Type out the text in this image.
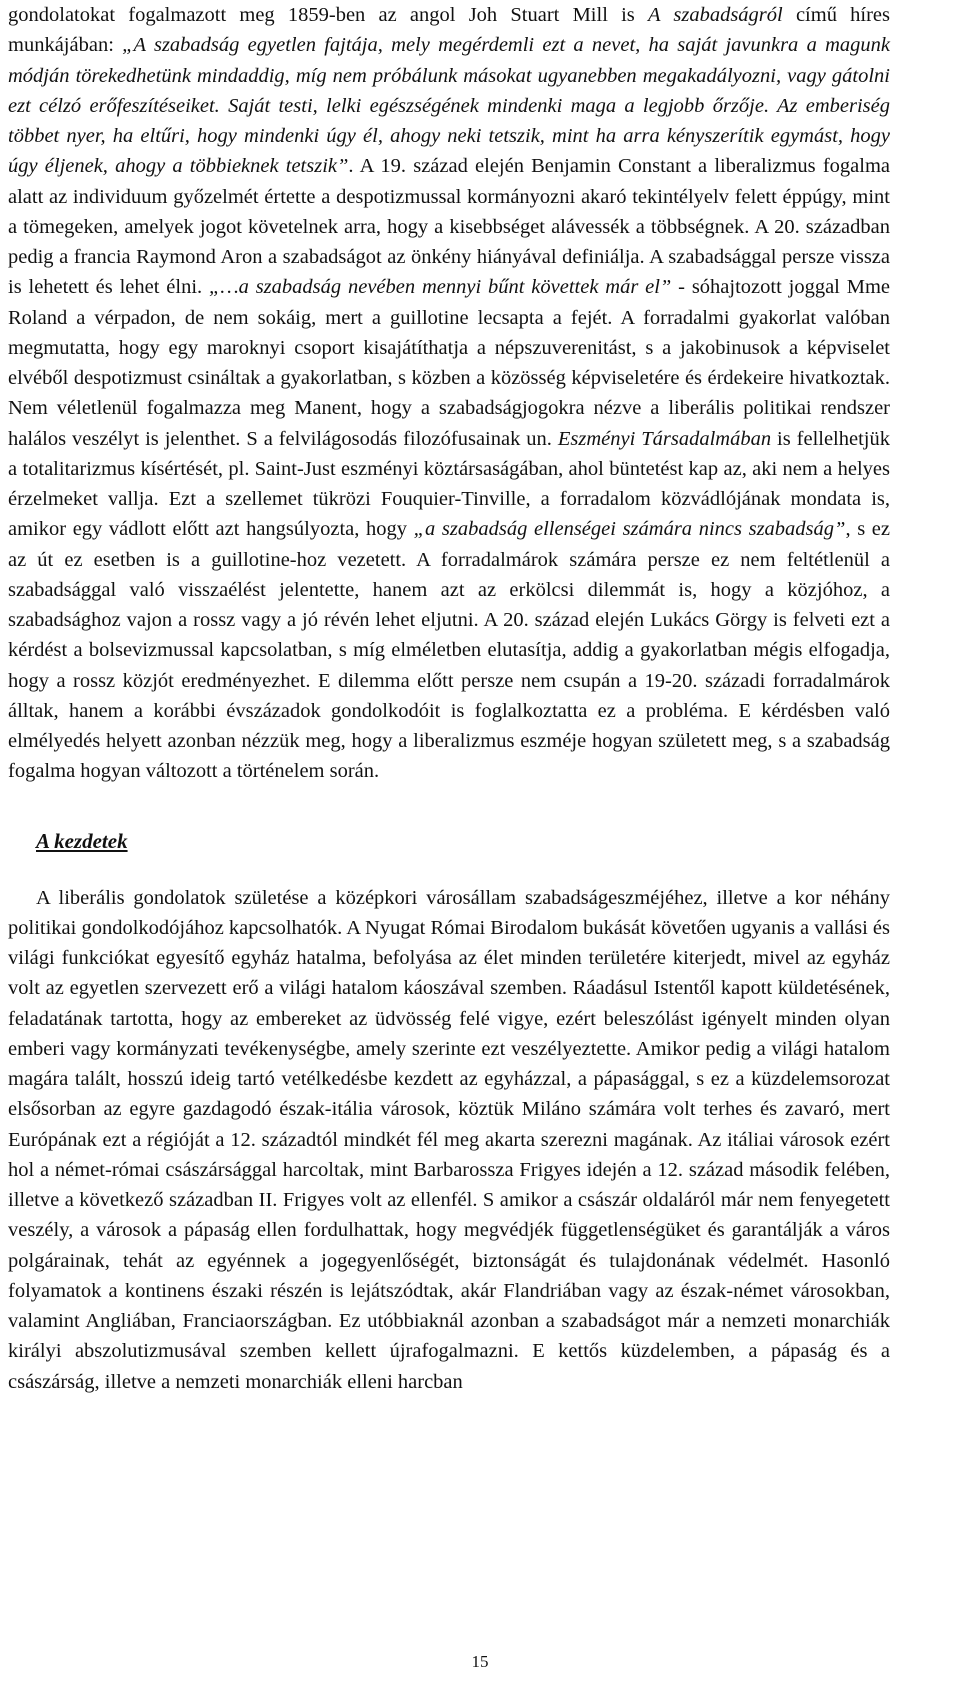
gondolatokat fogalmazott meg 1859-ben az angol Joh Stuart Mill is A szabadságról című híres munkájában: „A szabadság egyetlen fajtája, mely megérdemli ezt a nevet, ha saját javunkra a magunk módján törekedhetünk mindaddig, míg nem próbálunk másokat ugyanebben megakadályozni, vagy gátolni ezt célzó erőfeszítéseiket. Saját testi, lelki egészségének mindenki maga a legjobb őrzője. Az emberiség többet nyer, ha eltűri, hogy mindenki úgy él, ahogy neki tetszik, mint ha arra kényszerítik egymást, hogy úgy éljenek, ahogy a többieknek tetszik”. A 19. század elején Benjamin Constant a liberalizmus fogalma alatt az individuum győzelmét értette a despotizmussal kormányozni akaró tekintélyelv felett éppúgy, mint a tömegeken, amelyek jogot követelnek arra, hogy a kisebbséget alávessék a többségnek. A 20. században pedig a francia Raymond Aron a szabadságot az önkény hiányával definiálja. A szabadsággal persze vissza is lehetett és lehet élni. „…a szabadság nevében mennyi bűnt követtek már el” - sóhajtozott joggal Mme Roland a vérpadon, de nem sokáig, mert a guillotine lecsapta a fejét. A forradalmi gyakorlat valóban megmutatta, hogy egy maroknyi csoport kisajátíthatja a népszuverenitást, s a jakobinusok a képviselet elvéből despotizmust csináltak a gyakorlatban, s közben a közösség képviseletére és érdekeire hivatkoztak. Nem véletlenül fogalmazza meg Manent, hogy a szabadságjogokra nézve a liberális politikai rendszer halálos veszélyt is jelenthet. S a felvilágosodás filozófusainak un. Eszményi Társadalmában is fellelhetjük a totalitarizmus kísértését, pl. Saint-Just eszményi köztársaságában, ahol büntetést kap az, aki nem a helyes érzelmeket vallja. Ezt a szellemet tükrözi Fouquier-Tinville, a forradalom közvádlójának mondata is, amikor egy vádlott előtt azt hangsúlyozta, hogy „a szabadság ellenségei számára nincs szabadság”, s ez az út ez esetben is a guillotine-hoz vezetett. A forradalmárok számára persze ez nem feltétlenül a szabadsággal való visszaélést jelentette, hanem azt az erkölcsi dilemmát is, hogy a közjóhoz, a szabadsághoz vajon a rossz vagy a jó révén lehet eljutni. A 20. század elején Lukács Görgy is felveti ezt a kérdést a bolsevizmussal kapcsolatban, s míg elméletben elutasítja, addig a gyakorlatban mégis elfogadja, hogy a rossz közjót eredményezhet. E dilemma előtt persze nem csupán a 19-20. századi forradalmárok álltak, hanem a korábbi évszázadok gondolkodóit is foglalkoztatta ez a probléma. E kérdésben való elmélyedés helyett azonban nézzük meg, hogy a liberalizmus eszméje hogyan született meg, s a szabadság fogalma hogyan változott a történelem során.

A kezdetek

A liberális gondolatok születése a középkori városállam szabadságeszméjéhez, illetve a kor néhány politikai gondolkodójához kapcsolhatók. A Nyugat Római Birodalom bukását követően ugyanis a vallási és világi funkciókat egyesítő egyház hatalma, befolyása az élet minden területére kiterjedt, mivel az egyház volt az egyetlen szervezett erő a világi hatalom káoszával szemben. Ráadásul Istentől kapott küldetésének, feladatának tartotta, hogy az embereket az üdvösség felé vigye, ezért beleszólást igényelt minden olyan emberi vagy kormányzati tevékenységbe, amely szerinte ezt veszélyeztette. Amikor pedig a világi hatalom magára talált, hosszú ideig tartó vetélkedésbe kezdett az egyházzal, a pápasággal, s ez a küzdelemsorozat elsősorban az egyre gazdagodó észak-itália városok, köztük Miláno számára volt terhes és zavaró, mert Európának ezt a régióját a 12. századtól mindkét fél meg akarta szerezni magának. Az itáliai városok ezért hol a német-római császársággal harcoltak, mint Barbarossza Frigyes idején a 12. század második felében, illetve a következő században II. Frigyes volt az ellenfél. S amikor a császár oldaláról már nem fenyegetett veszély, a városok a pápaság ellen fordulhattak, hogy megvédjék függetlenségüket és garantálják a város polgárainak, tehát az egyénnek a jogegyenlőségét, biztonságát és tulajdonának védelmét. Hasonló folyamatok a kontinens északi részén is lejátszódtak, akár Flandriában vagy az észak-német városokban, valamint Angliában, Franciaországban. Ez utóbbiaknál azonban a szabadságot már a nemzeti monarchiák királyi abszolutizmusával szemben kellett újrafogalmazni. E kettős küzdelemben, a pápaság és a császárság, illetve a nemzeti monarchiák elleni harcban

15
